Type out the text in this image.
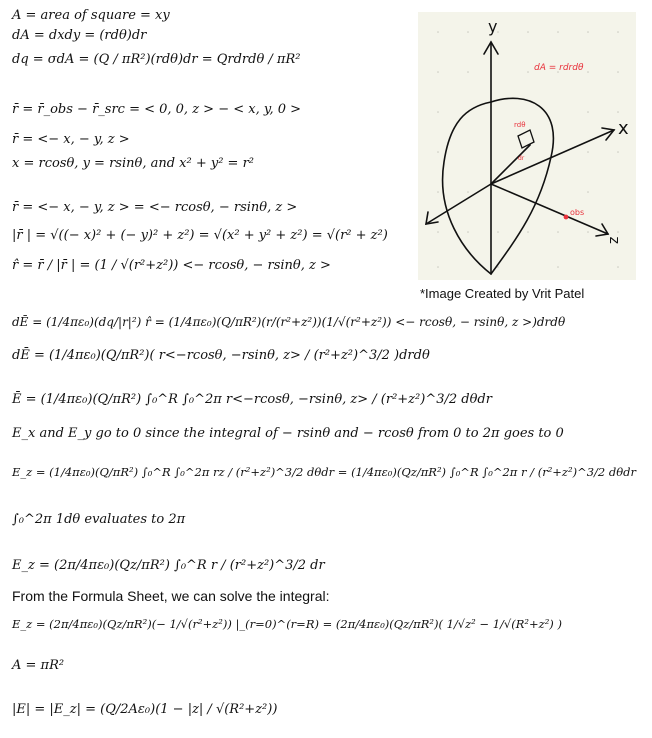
y
x
z
dA = rdrdθ
rdθ
dr
obs
*Image Created by Vrit Patel
A = area of square = xy
dA = dxdy = (rdθ)dr
dq = σdA = (Q / πR²)(rdθ)dr = Qrdrdθ / πR²
r̄ = r̄_obs − r̄_src = < 0, 0, z > − < x, y, 0 >
r̄ = <− x, − y, z >
x = rcosθ, y = rsinθ, and x² + y² = r²
r̄ = <− x, − y, z > = <− rcosθ, − rsinθ, z >
|r̄ | = √((− x)² + (− y)² + z²) = √(x² + y² + z²) = √(r² + z²)
r̂ = r̄ / |r̄ | = (1 / √(r²+z²)) <− rcosθ, − rsinθ, z >
dĒ = (1/4πε₀)(dq/|r|²) r̂ = (1/4πε₀)(Q/πR²)(r/(r²+z²))(1/√(r²+z²)) <− rcosθ, − rsinθ, z >)drdθ
dĒ = (1/4πε₀)(Q/πR²)( r<−rcosθ, −rsinθ, z> / (r²+z²)^3/2 )drdθ
Ē = (1/4πε₀)(Q/πR²) ∫₀^R ∫₀^2π r<−rcosθ, −rsinθ, z> / (r²+z²)^3/2 dθdr
E_x and E_y go to 0 since the integral of − rsinθ and − rcosθ from 0 to 2π goes to 0
E_z = (1/4πε₀)(Q/πR²) ∫₀^R ∫₀^2π rz / (r²+z²)^3/2 dθdr = (1/4πε₀)(Qz/πR²) ∫₀^R ∫₀^2π r / (r²+z²)^3/2 dθdr
∫₀^2π 1dθ evaluates to 2π
E_z = (2π/4πε₀)(Qz/πR²) ∫₀^R r / (r²+z²)^3/2 dr
From the Formula Sheet, we can solve the integral:
E_z = (2π/4πε₀)(Qz/πR²)(− 1/√(r²+z²)) |_(r=0)^(r=R) = (2π/4πε₀)(Qz/πR²)( 1/√z² − 1/√(R²+z²) )
A = πR²
|E| = |E_z| = (Q/2Aε₀)(1 − |z| / √(R²+z²))
